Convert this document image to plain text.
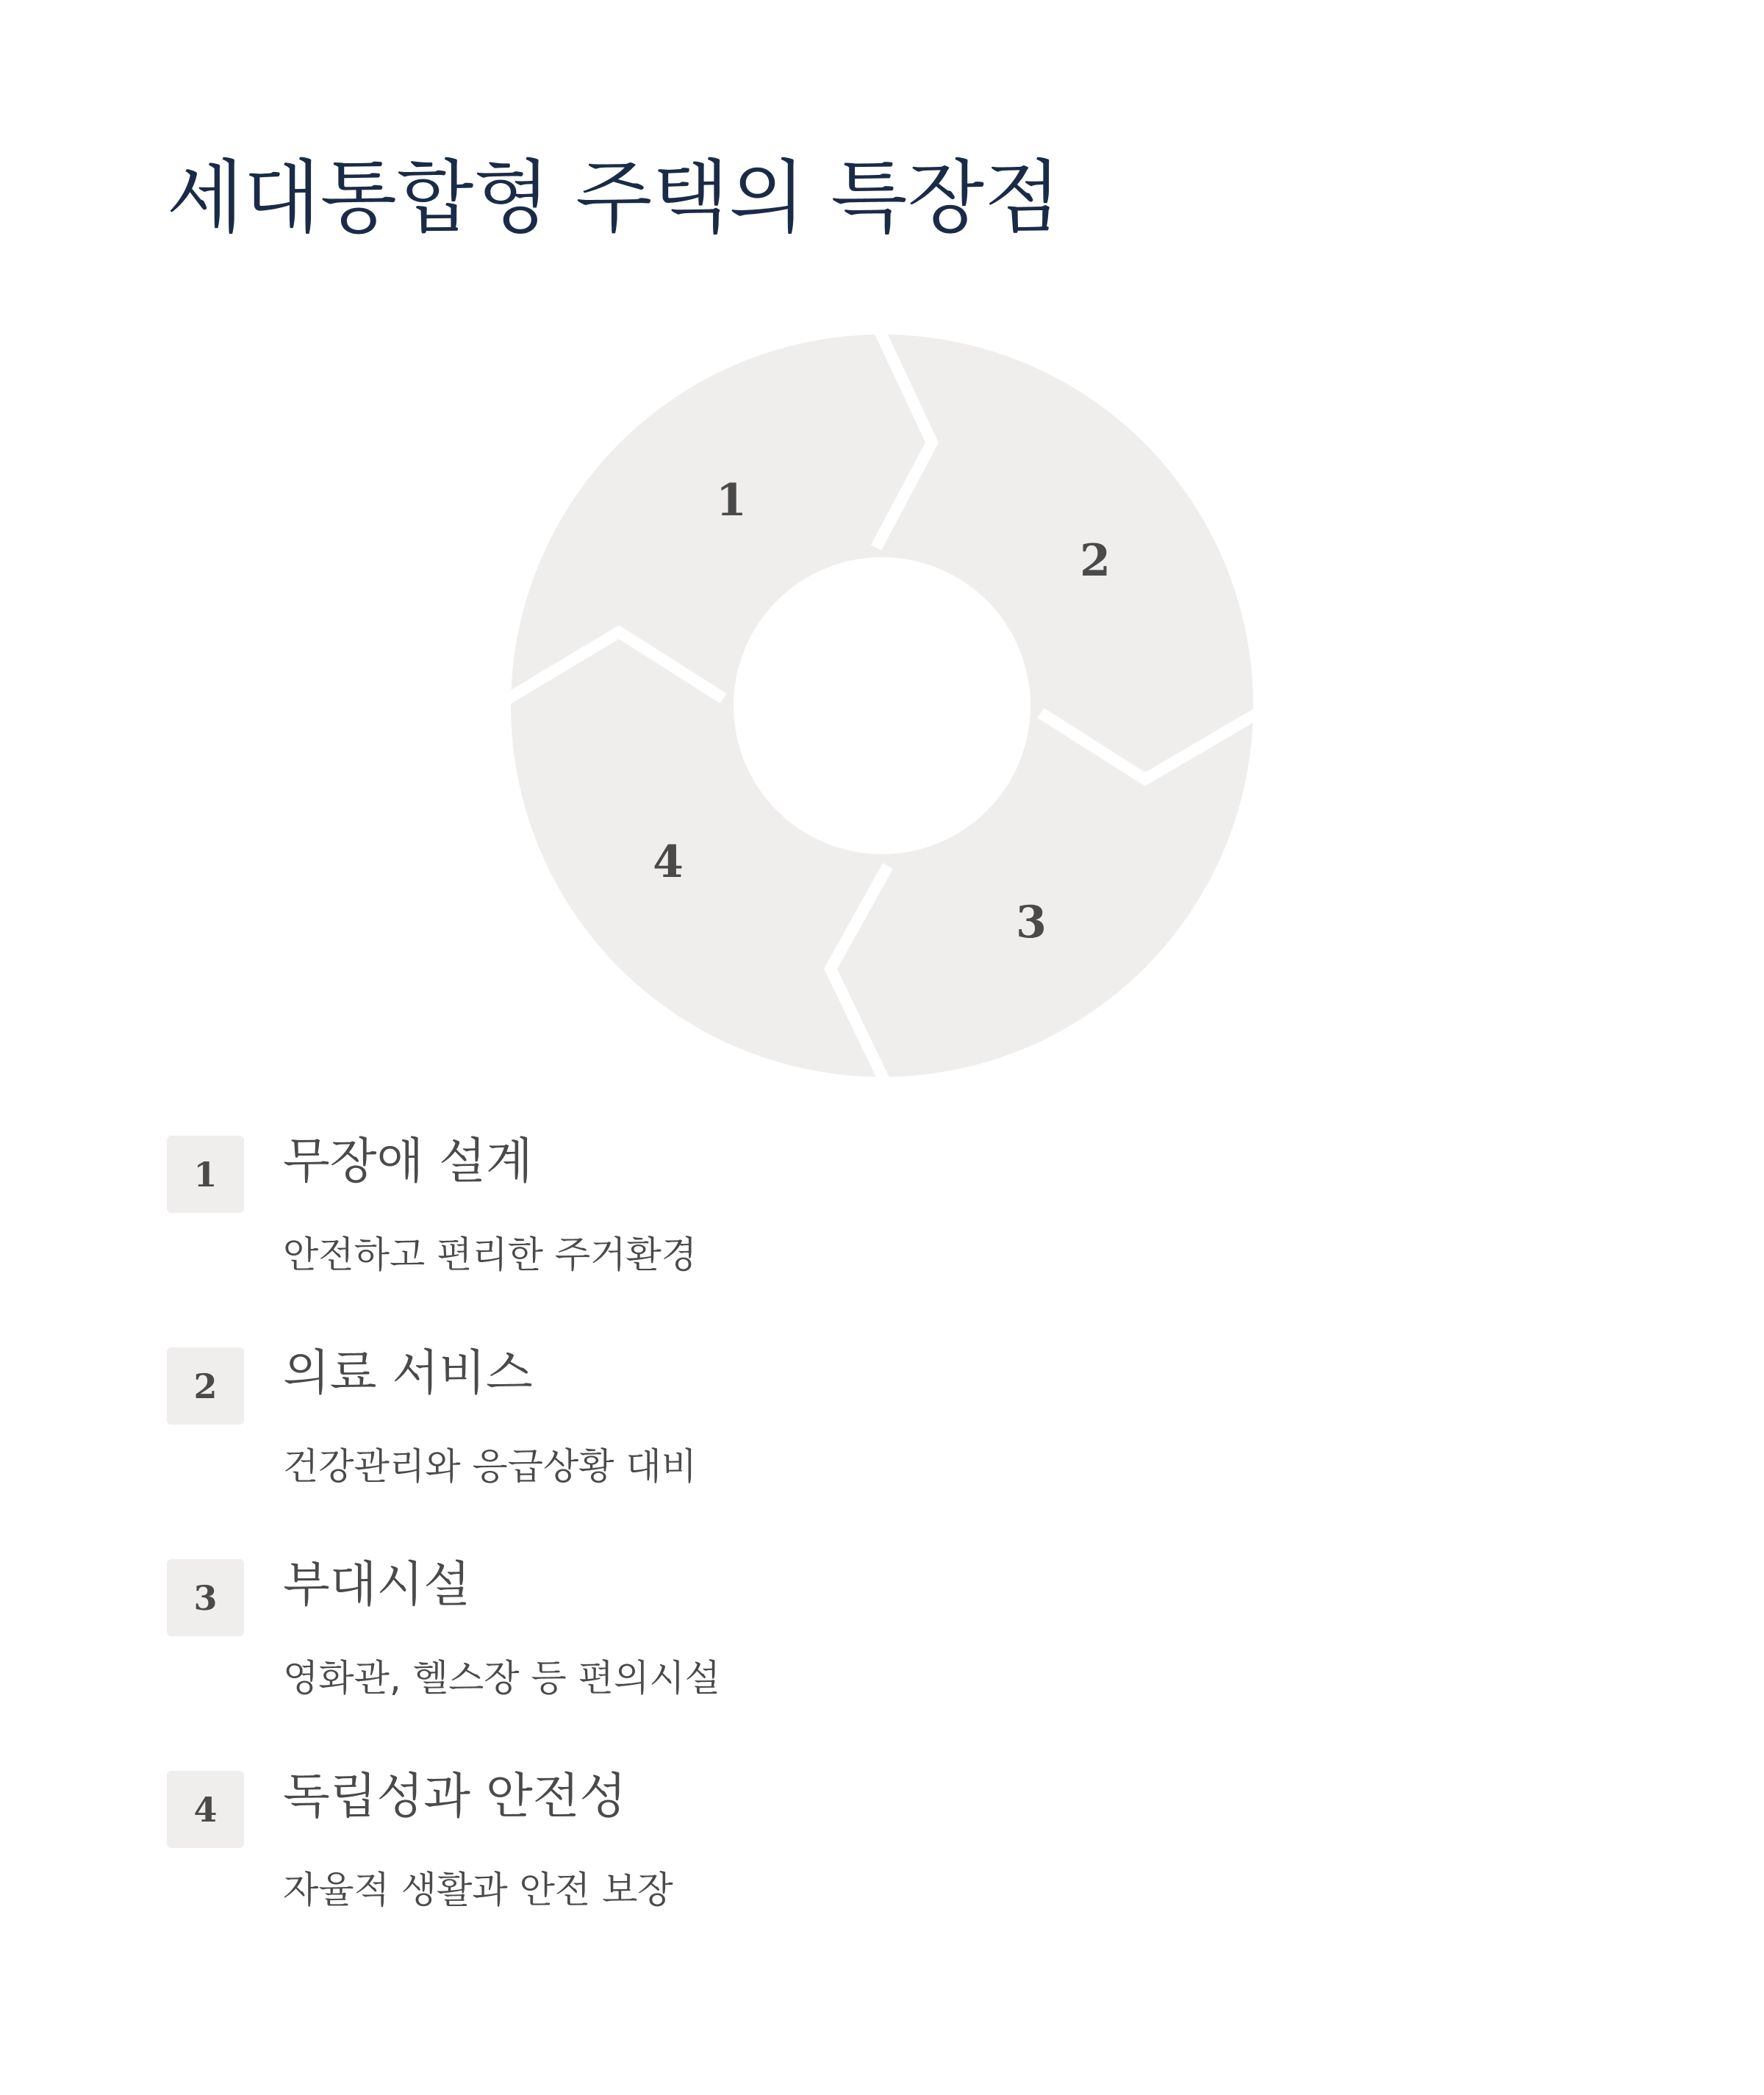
세대통합형 주택의 특장점
1
2
3
4
1	무장애 설계
안전하고 편리한 주거환경
2	의료 서비스
건강관리와 응급상황 대비
3	부대시설
영화관, 헬스장 등 편의시설
4	독립성과 안전성
자율적 생활과 안전 보장
